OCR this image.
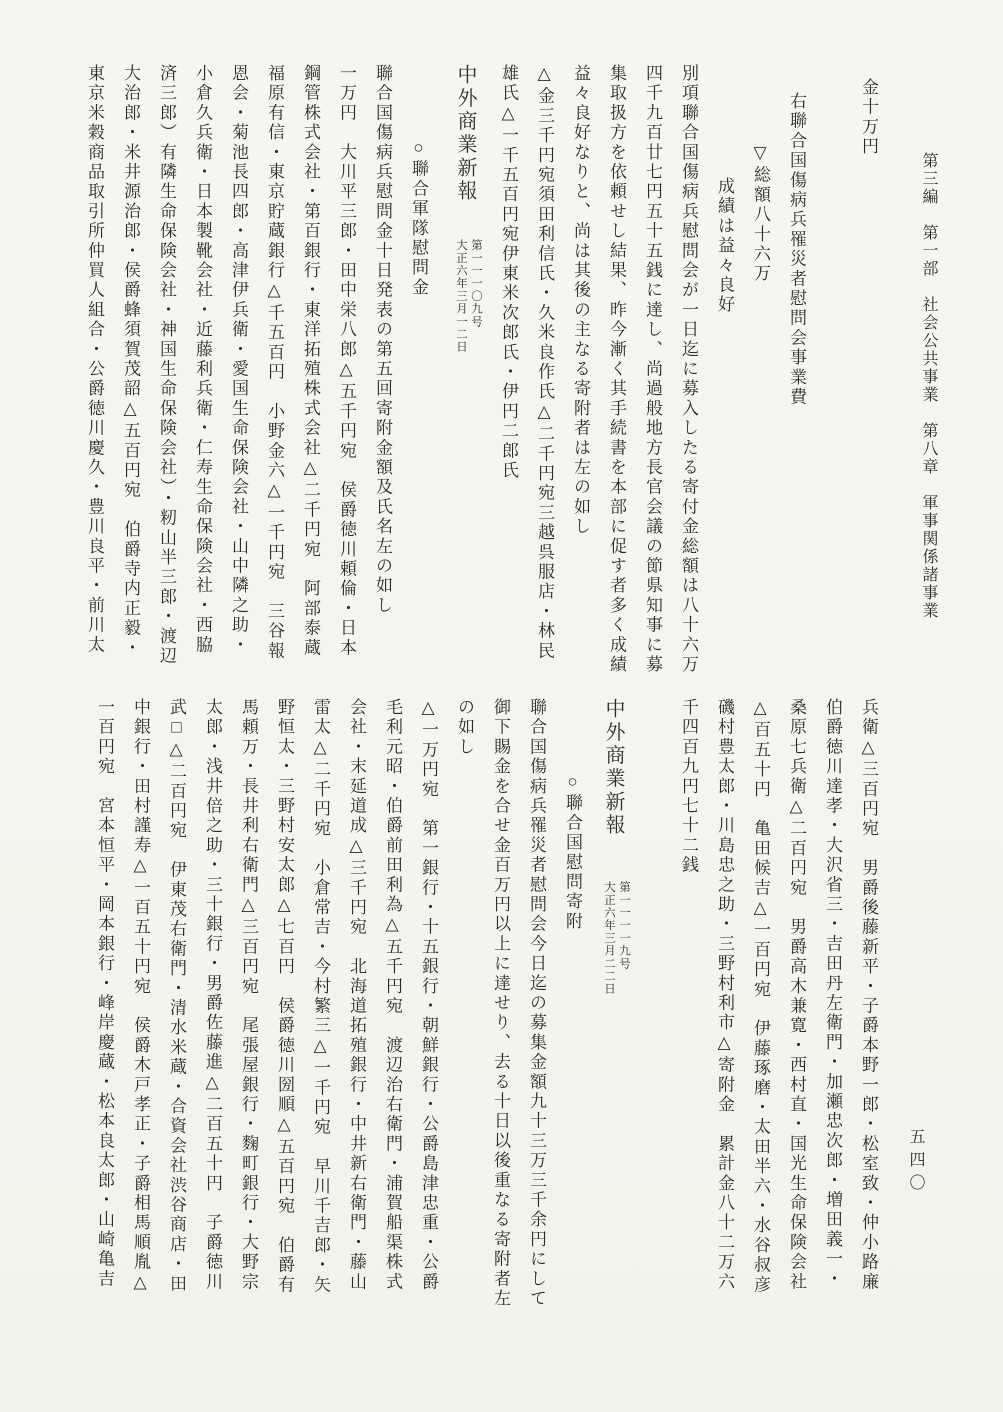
第三編　第一部　社会公共事業　第八章　軍事関係諸事業
五四〇
金十万円
右聯合国傷病兵罹災者慰問会事業費
▽総額八十六万
成績は益々良好
別項聯合国傷病兵慰問会が一日迄に募入したる寄付金総額は八十六万
四千九百廿七円五十五銭に達し、尚過般地方長官会議の節県知事に募
集取扱方を依頼せし結果、昨今漸く其手続書を本部に促す者多く成績
益々良好なりと、尚は其後の主なる寄附者は左の如し
△金三千円宛須田利信氏・久米良作氏△二千円宛三越呉服店・林民
雄氏△一千五百円宛伊東米次郎氏・伊円二郎氏
中外商業新報
第一一一〇九号
大正六年三月一二日
○聯合軍隊慰問金
聯合国傷病兵慰問金十日発表の第五回寄附金額及氏名左の如し
一万円　大川平三郎・田中栄八郎△五千円宛　侯爵徳川頼倫・日本
鋼管株式会社・第百銀行・東洋拓殖株式会社△二千円宛　阿部泰蔵
福原有信・東京貯蔵銀行△千五百円　小野金六△一千円宛　三谷報
恩会・菊池長四郎・高津伊兵衛・愛国生命保険会社・山中隣之助・
小倉久兵衛・日本製靴会社・近藤利兵衛・仁寿生命保険会社・西脇
済三郎）有隣生命保険会社・神国生命保険会社）・籾山半三郎・渡辺
大治郎・米井源治郎・侯爵蜂須賀茂韶△五百円宛　伯爵寺内正毅・
東京米穀商品取引所仲買人組合・公爵徳川慶久・豊川良平・前川太
兵衛△三百円宛　男爵後藤新平・子爵本野一郎・松室致・仲小路廉
伯爵徳川達孝・大沢省三・吉田丹左衛門・加瀬忠次郎・増田義一・
桑原七兵衛△二百円宛　男爵高木兼寛・西村直・国光生命保険会社
△百五十円　亀田候吉△一百円宛　伊藤琢磨・太田半六・水谷叔彦
磯村豊太郎・川島忠之助・三野村利市△寄附金　累計金八十二万六
千四百九円七十二銭
中外商業新報
第一一一一九号
大正六年三月二二日
○聯合国慰問寄附
聯合国傷病兵罹災者慰問会今日迄の募集金額九十三万三千余円にして
御下賜金を合せ金百万円以上に達せり、去る十日以後重なる寄附者左
の如し
△一万円宛　第一銀行・十五銀行・朝鮮銀行・公爵島津忠重・公爵
毛利元昭・伯爵前田利為△五千円宛　渡辺治右衛門・浦賀船渠株式
会社・末延道成△三千円宛　北海道拓殖銀行・中井新右衛門・藤山
雷太△二千円宛　小倉常吉・今村繁三△一千円宛　早川千吉郎・矢
野恒太・三野村安太郎△七百円　侯爵徳川圀順△五百円宛　伯爵有
馬頼万・長井利右衛門△三百円宛　尾張屋銀行・麴町銀行・大野宗
太郎・浅井倍之助・三十銀行・男爵佐藤進△二百五十円　子爵徳川
武□△二百円宛　伊東茂右衛門・清水米蔵・合資会社渋谷商店・田
中銀行・田村謹寿△一百五十円宛　侯爵木戸孝正・子爵相馬順胤△
一百円宛　宮本恒平・岡本銀行・峰岸慶蔵・松本良太郎・山崎亀吉
